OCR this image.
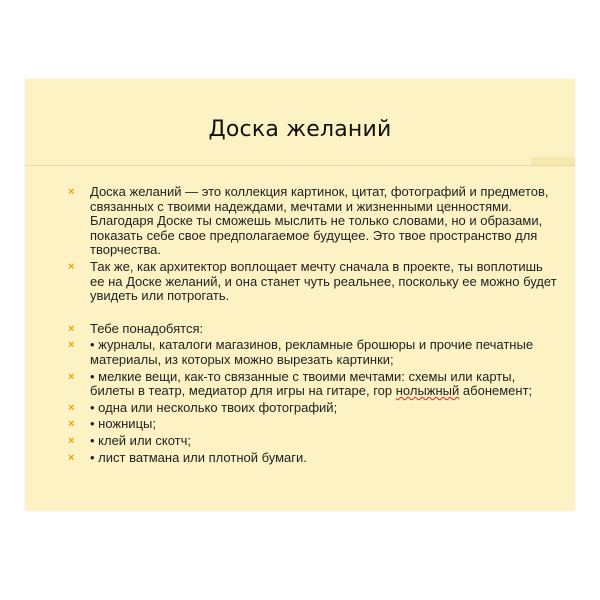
Доска желаний
× Доска желаний — это коллекция картинок, цитат, фотографий и предметов, связанных с твоими надеждами, мечтами и жизненными ценностями. Благодаря Доске ты сможешь мыслить не только словами, но и образами, показать себе свое предполагаемое будущее. Это твое пространство для творчества.
× Так же, как архитектор воплощает мечту сначала в проекте, ты воплотишь ее на Доске желаний, и она станет чуть реальнее, поскольку ее можно будет увидеть или потрогать.
× Тебе понадобятся:
× • журналы, каталоги магазинов, рекламные брошюры и прочие печатные материалы, из которых можно вырезать картинки;
× • мелкие вещи, как-то связанные с твоими мечтами: схемы или карты, билеты в театр, медиатор для игры на гитаре, гор нолыжный абонемент;
× • одна или несколько твоих фотографий;
× • ножницы;
× • клей или скотч;
× • лист ватмана или плотной бумаги.
